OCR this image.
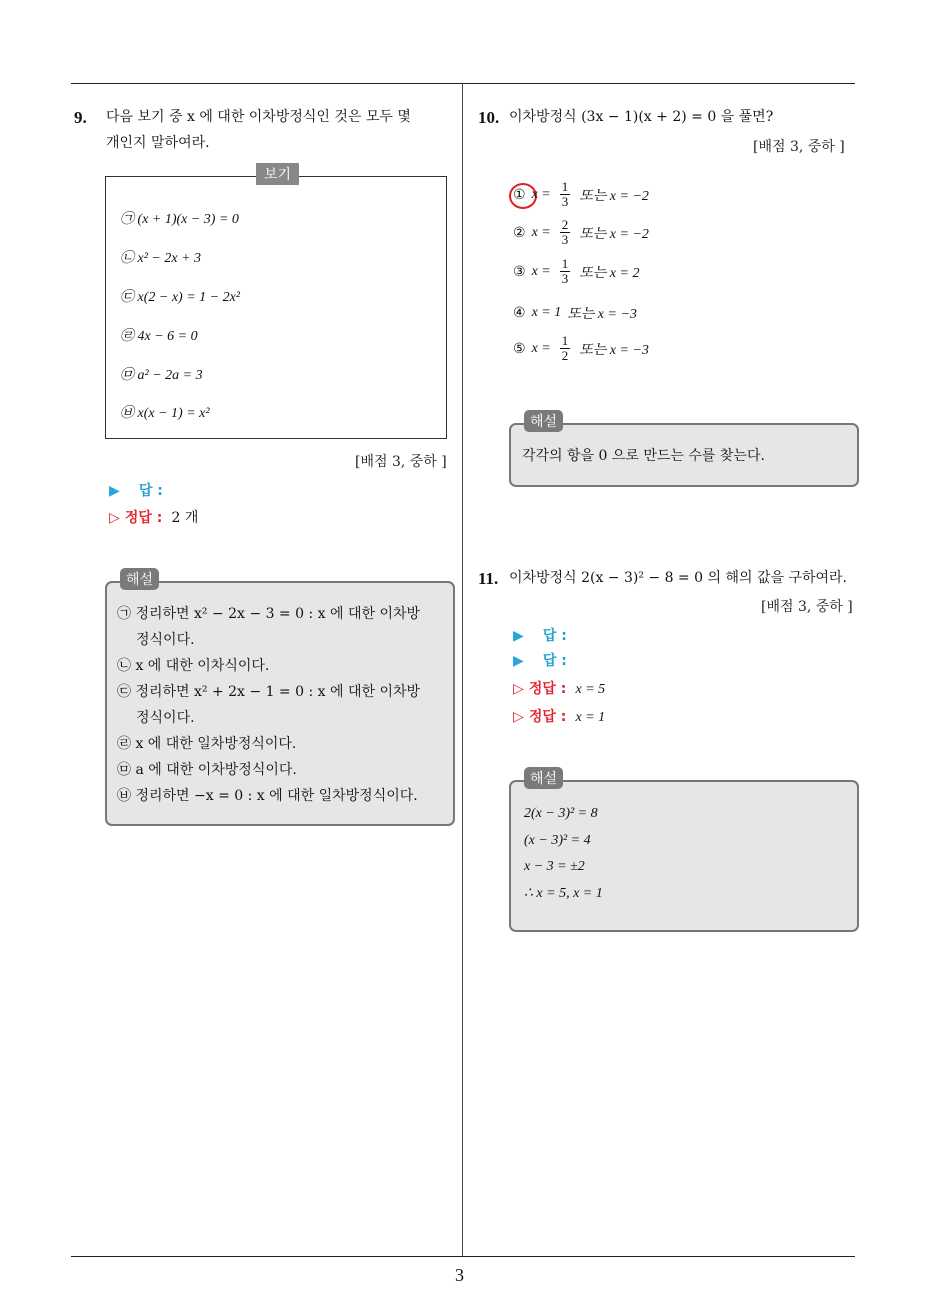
3
9. 다음 보기 중 x 에 대한 이차방정식인 것은 모두 몇
개인지 말하여라.
보기
㉠ (x + 1)(x − 3) = 0
㉡ x² − 2x + 3
㉢ x(2 − x) = 1 − 2x²
㉣ 4x − 6 = 0
㉤ a² − 2a = 3
㉥ x(x − 1) = x²
[배점 3, 중하 ]
▶ 답 :
▷ 정답 : 2 개
해설
㉠ 정리하면 x² − 2x − 3 = 0 : x 에 대한 이차방
정식이다.
㉡ x 에 대한 이차식이다.
㉢ 정리하면 x² + 2x − 1 = 0 : x 에 대한 이차방
정식이다.
㉣ x 에 대한 일차방정식이다.
㉤ a 에 대한 이차방정식이다.
㉥ 정리하면 −x = 0 : x 에 대한 일차방정식이다.
10. 이차방정식 (3x − 1)(x + 2) = 0 을 풀면?
[배점 3, 중하 ]
① $x = \frac{1}{3}$ 또는 x = −2
② $x = \frac{2}{3}$ 또는 x = −2
③ $x = \frac{1}{3}$ 또는 x = 2
④ x = 1 또는 x = −3
⑤ $x = \frac{1}{2}$ 또는 x = −3
해설
각각의 항을 0 으로 만드는 수를 찾는다.
11. 이차방정식 2(x − 3)² − 8 = 0 의 해의 값을 구하여라.
[배점 3, 중하 ]
▶ 답 :
▶ 답 :
▷ 정답 : x = 5
▷ 정답 : x = 1
해설
2(x − 3)² = 8
(x − 3)² = 4
x − 3 = ±2
∴ x = 5, x = 1
